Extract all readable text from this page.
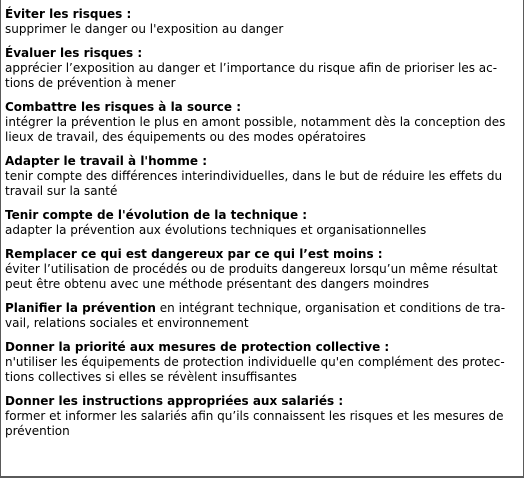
Éviter les risques :

supprimer le danger ou l'exposition au danger

Évaluer les risques :

apprécier l’exposition au danger et l’importance du risque afin de prioriser les ac-

tions de prévention à mener

Combattre les risques à la source :

intégrer la prévention le plus en amont possible, notamment dès la conception des

lieux de travail, des équipements ou des modes opératoires

Adapter le travail à l'homme :

tenir compte des différences interindividuelles, dans le but de réduire les effets du

travail sur la santé

Tenir compte de l'évolution de la technique :

adapter la prévention aux évolutions techniques et organisationnelles

Remplacer ce qui est dangereux par ce qui l’est moins :

éviter l’utilisation de procédés ou de produits dangereux lorsqu’un même résultat

peut être obtenu avec une méthode présentant des dangers moindres

Planifier la prévention en intégrant technique, organisation et conditions de tra-

vail, relations sociales et environnement

Donner la priorité aux mesures de protection collective :

n'utiliser les équipements de protection individuelle qu'en complément des protec-

tions collectives si elles se révèlent insuffisantes

Donner les instructions appropriées aux salariés :

former et informer les salariés afin qu’ils connaissent les risques et les mesures de

prévention
